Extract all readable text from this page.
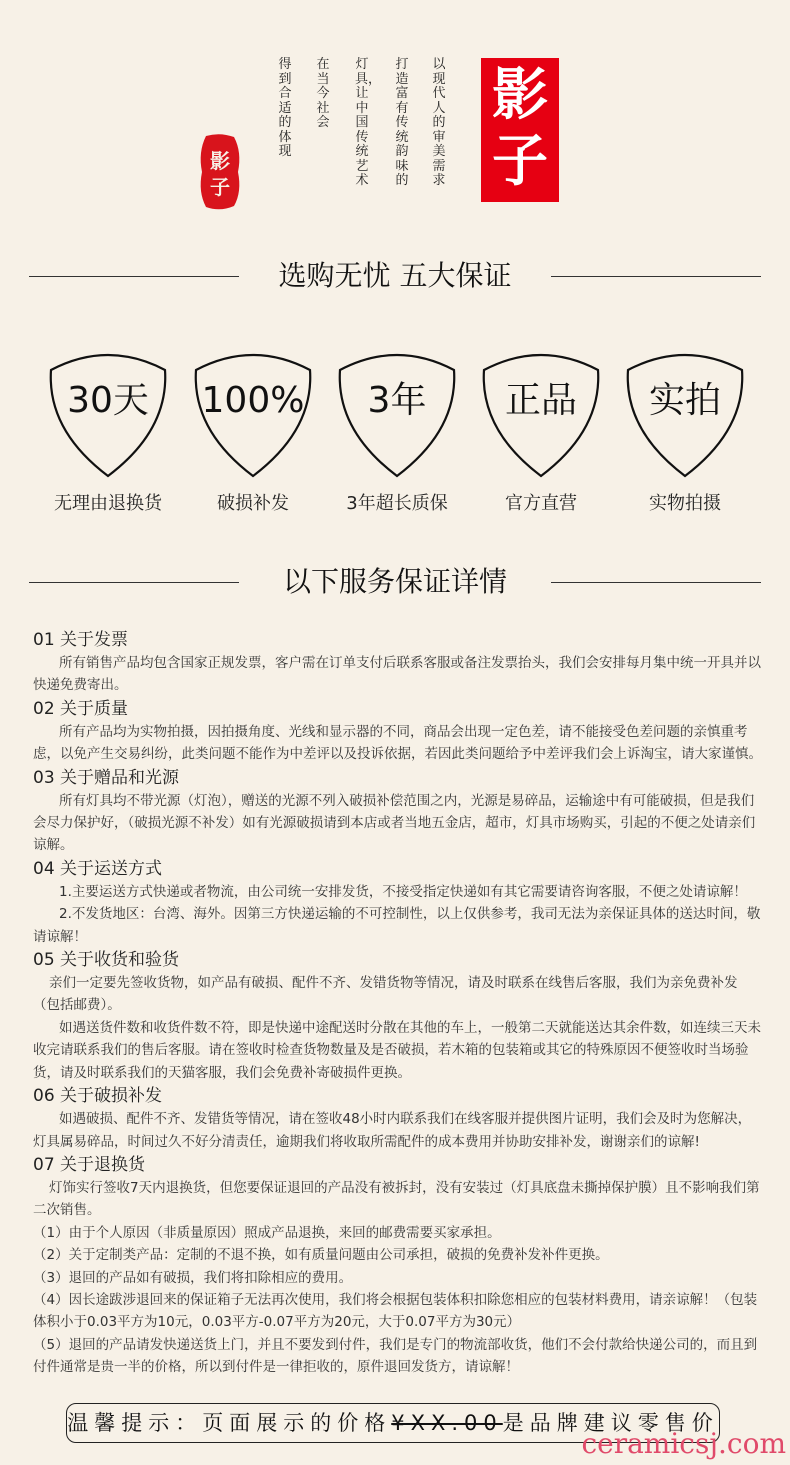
以现代人的审美需求
打造富有传统韵味的
灯具，让中国传统艺术
在当今社会
得到合适的体现
影
子
影
子
选购无忧 五大保证
30天	100%	3年	正品	实拍
无理由退换货	破损补发	3年超长质保	官方直营	实物拍摄
以下服务保证详情
01 关于发票

所有销售产品均包含国家正规发票，客户需在订单支付后联系客服或备注发票抬头，我们会安排每月集中统一开具并以快递免费寄出。

02 关于质量

所有产品均为实物拍摄，因拍摄角度、光线和显示器的不同，商品会出现一定色差，请不能接受色差问题的亲慎重考虑，以免产生交易纠纷，此类问题不能作为中差评以及投诉依据，若因此类问题给予中差评我们会上诉淘宝，请大家谨慎。

03 关于赠品和光源

所有灯具均不带光源（灯泡），赠送的光源不列入破损补偿范围之内，光源是易碎品，运输途中有可能破损，但是我们会尽力保护好，（破损光源不补发）如有光源破损请到本店或者当地五金店，超市，灯具市场购买，引起的不便之处请亲们谅解。

04 关于运送方式

1.主要运送方式快递或者物流，由公司统一安排发货，不接受指定快递如有其它需要请咨询客服，不便之处请谅解！

2.不发货地区：台湾、海外。因第三方快递运输的不可控制性，以上仅供参考，我司无法为亲保证具体的送达时间，敬请谅解！

05 关于收货和验货

亲们一定要先签收货物，如产品有破损、配件不齐、发错货物等情况，请及时联系在线售后客服，我们为亲免费补发（包括邮费）。

如遇送货件数和收货件数不符，即是快递中途配送时分散在其他的车上，一般第二天就能送达其余件数，如连续三天未收完请联系我们的售后客服。请在签收时检查货物数量及是否破损，若木箱的包装箱或其它的特殊原因不便签收时当场验货，请及时联系我们的天猫客服，我们会免费补寄破损件更换。

06 关于破损补发

如遇破损、配件不齐、发错货等情况，请在签收48小时内联系我们在线客服并提供图片证明，我们会及时为您解决，灯具属易碎品，时间过久不好分清责任，逾期我们将收取所需配件的成本费用并协助安排补发，谢谢亲们的谅解!

07 关于退换货

灯饰实行签收7天内退换货，但您要保证退回的产品没有被拆封，没有安装过（灯具底盘未撕掉保护膜）且不影响我们第二次销售。

（1）由于个人原因（非质量原因）照成产品退换，来回的邮费需要买家承担。

（2）关于定制类产品：定制的不退不换，如有质量问题由公司承担，破损的免费补发补件更换。

（3）退回的产品如有破损，我们将扣除相应的费用。

（4）因长途跋涉退回来的保证箱子无法再次使用，我们将会根据包装体积扣除您相应的包装材料费用，请亲谅解！（包装体积小于0.03平方为10元，0.03平方-0.07平方为20元，大于0.07平方为30元）

（5）退回的产品请发快递送货上门，并且不要发到付件，我们是专门的物流部收货，他们不会付款给快递公司的，而且到付件通常是贵一半的价格，所以到付件是一律拒收的，原件退回发货方，请谅解！

温馨提示：页面展示的价格¥XX.00是品牌建议零售价
ceramicsj.com
